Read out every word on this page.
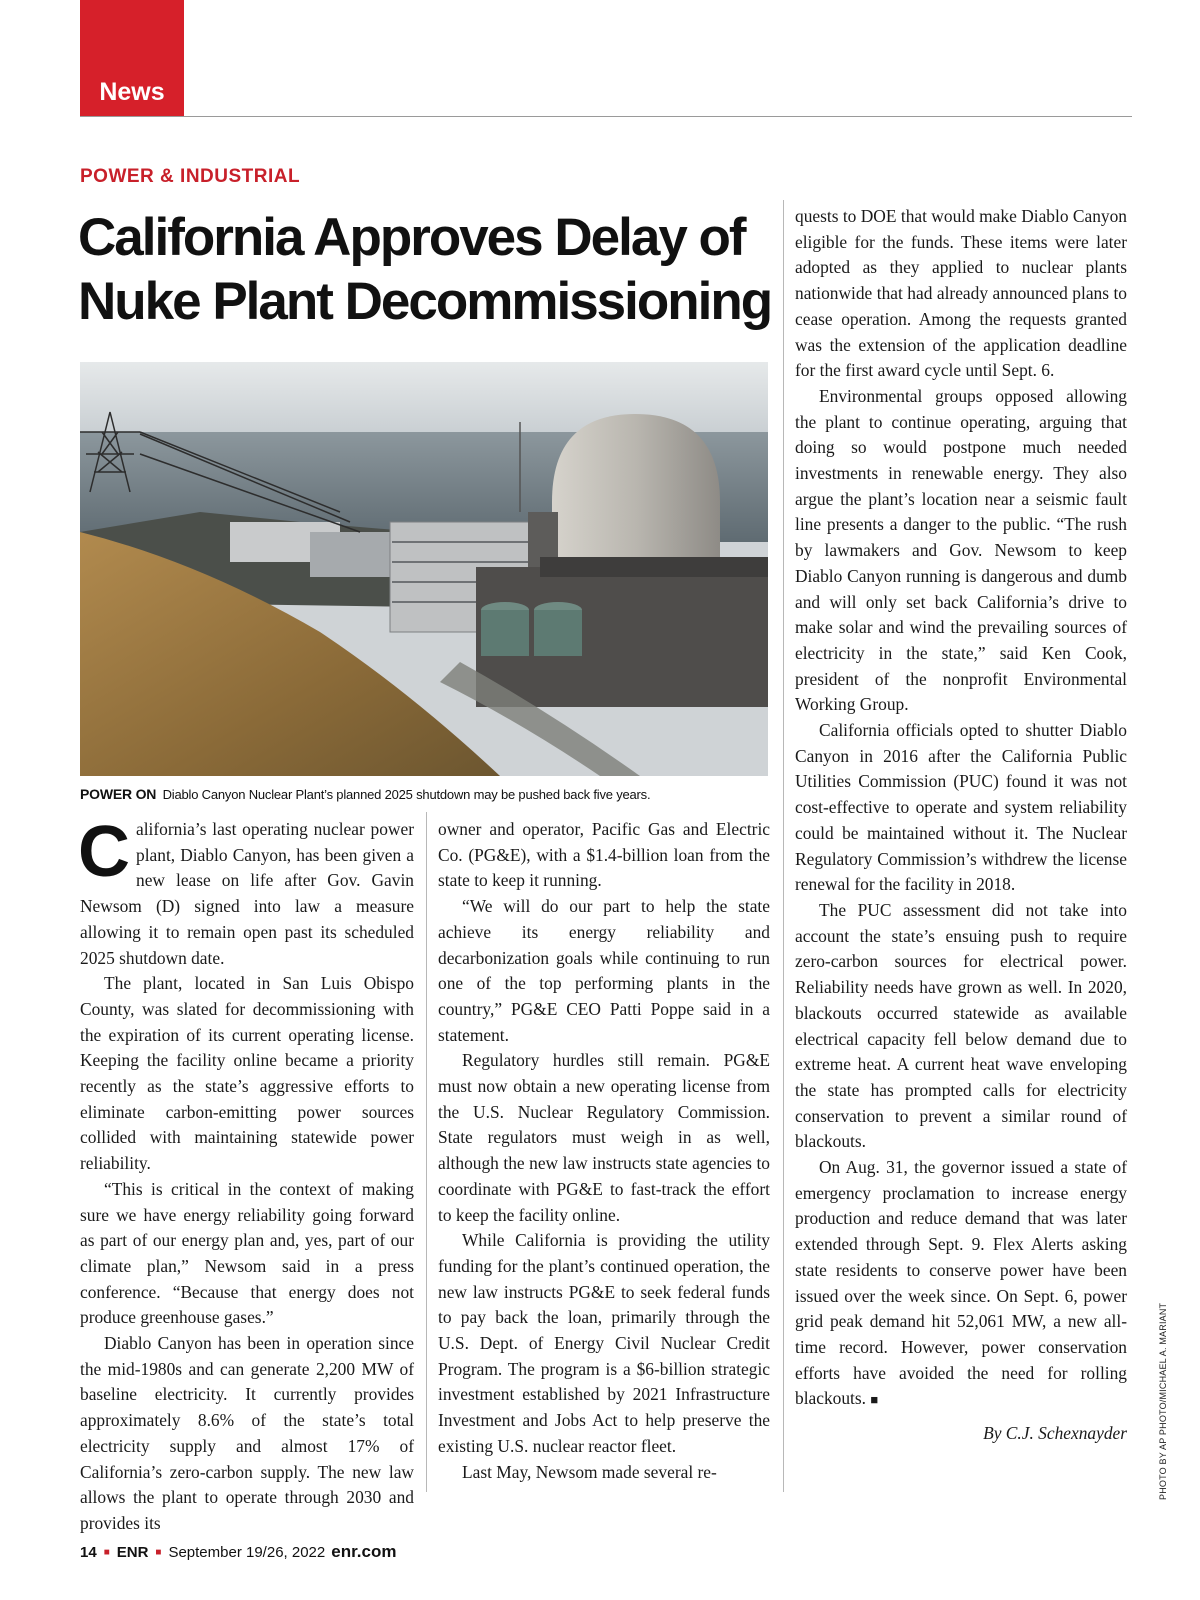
News
POWER & INDUSTRIAL
California Approves Delay of Nuke Plant Decommissioning
POWER ON Diablo Canyon Nuclear Plant’s planned 2025 shutdown may be pushed back five years.

California’s last operating nuclear power plant, Diablo Canyon, has been given a new lease on life after Gov. Gavin Newsom (D) signed into law a measure allowing it to remain open past its scheduled 2025 shutdown date.

The plant, located in San Luis Obispo County, was slated for decommissioning with the expiration of its current operating license. Keeping the facility online became a priority recently as the state’s aggressive efforts to eliminate carbon-emitting power sources collided with maintaining statewide power reliability.

“This is critical in the context of making sure we have energy reliability going forward as part of our energy plan and, yes, part of our climate plan,” Newsom said in a press conference. “Because that energy does not produce greenhouse gases.”

Diablo Canyon has been in operation since the mid-1980s and can generate 2,200 MW of baseline electricity. It currently provides approximately 8.6% of the state’s total electricity supply and almost 17% of California’s zero-carbon supply. The new law allows the plant to operate through 2030 and provides its

owner and operator, Pacific Gas and Electric Co. (PG&E), with a $1.4-billion loan from the state to keep it running.

“We will do our part to help the state achieve its energy reliability and decarbonization goals while continuing to run one of the top performing plants in the country,” PG&E CEO Patti Poppe said in a statement.

Regulatory hurdles still remain. PG&E must now obtain a new operating license from the U.S. Nuclear Regulatory Commission. State regulators must weigh in as well, although the new law instructs state agencies to coordinate with PG&E to fast-track the effort to keep the facility online.

While California is providing the utility funding for the plant’s continued operation, the new law instructs PG&E to seek federal funds to pay back the loan, primarily through the U.S. Dept. of Energy Civil Nuclear Credit Program. The program is a $6-billion strategic investment established by 2021 Infrastructure Investment and Jobs Act to help preserve the existing U.S. nuclear reactor fleet.

Last May, Newsom made several re-

quests to DOE that would make Diablo Canyon eligible for the funds. These items were later adopted as they applied to nuclear plants nationwide that had already announced plans to cease operation. Among the requests granted was the extension of the application deadline for the first award cycle until Sept. 6.

Environmental groups opposed allowing the plant to continue operating, arguing that doing so would postpone much needed investments in renewable energy. They also argue the plant’s location near a seismic fault line presents a danger to the public. “The rush by lawmakers and Gov. Newsom to keep Diablo Canyon running is dangerous and dumb and will only set back California’s drive to make solar and wind the prevailing sources of electricity in the state,” said Ken Cook, president of the nonprofit Environmental Working Group.

California officials opted to shutter Diablo Canyon in 2016 after the California Public Utilities Commission (PUC) found it was not cost-effective to operate and system reliability could be maintained without it. The Nuclear Regulatory Commission’s withdrew the license renewal for the facility in 2018.

The PUC assessment did not take into account the state’s ensuing push to require zero-carbon sources for electrical power. Reliability needs have grown as well. In 2020, blackouts occurred statewide as available electrical capacity fell below demand due to extreme heat. A current heat wave enveloping the state has prompted calls for electricity conservation to prevent a similar round of blackouts.

On Aug. 31, the governor issued a state of emergency proclamation to increase energy production and reduce demand that was later extended through Sept. 9. Flex Alerts asking state residents to conserve power have been issued over the week since. On Sept. 6, power grid peak demand hit 52,061 MW, a new all-time record. However, power conservation efforts have avoided the need for rolling blackouts. ■

By C.J. Schexnayder	PHOTO BY AP PHOTO/MICHAEL A. MARIANT
14 ■ ENR ■ September 19/26, 2022 enr.com
